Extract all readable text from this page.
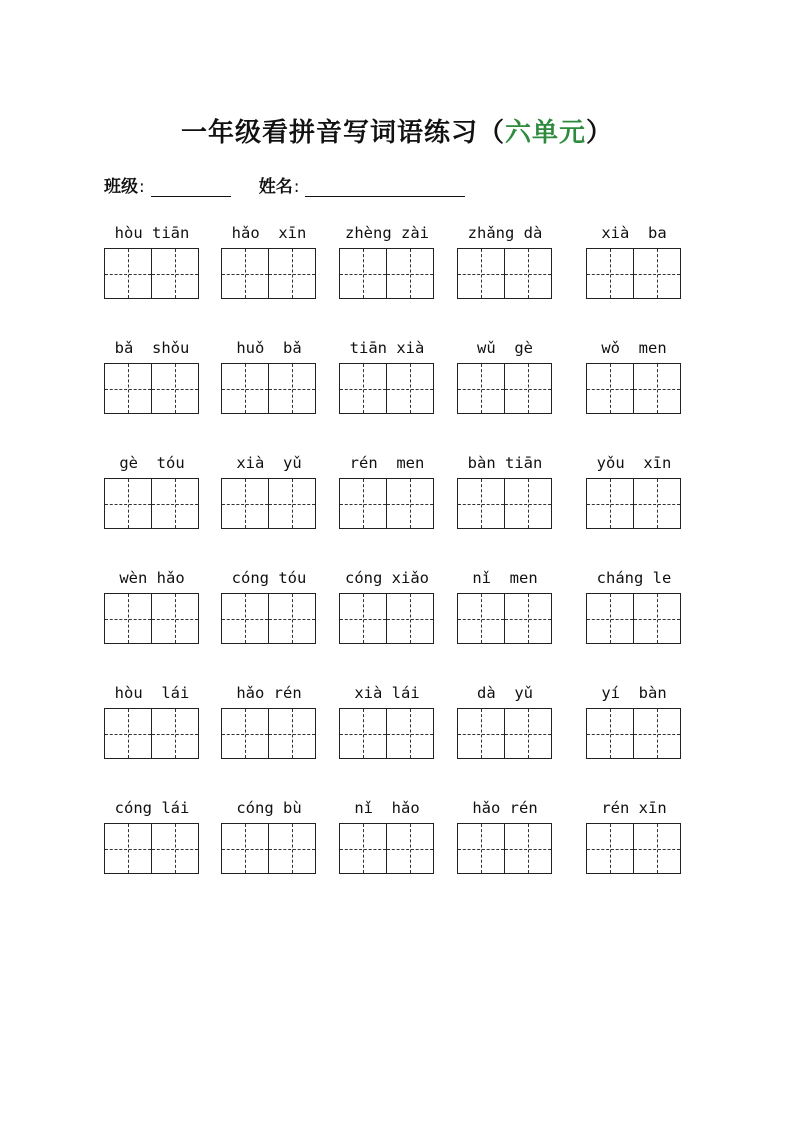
一年级看拼音写词语练习（六单元）
班级 :	姓名 :
hòu tiān	hǎo  xīn	zhèng zài	zhǎng dà	xià  ba
bǎ  shǒu	huǒ  bǎ	tiān xià	wǔ  gè	wǒ  men
gè  tóu	xià  yǔ	rén  men	bàn tiān	yǒu  xīn
wèn hǎo	cóng tóu	cóng xiǎo	nǐ  men	cháng le
hòu  lái	hǎo rén	xià lái	dà  yǔ	yí  bàn
cóng lái	cóng bù	nǐ  hǎo	hǎo rén	rén xīn
